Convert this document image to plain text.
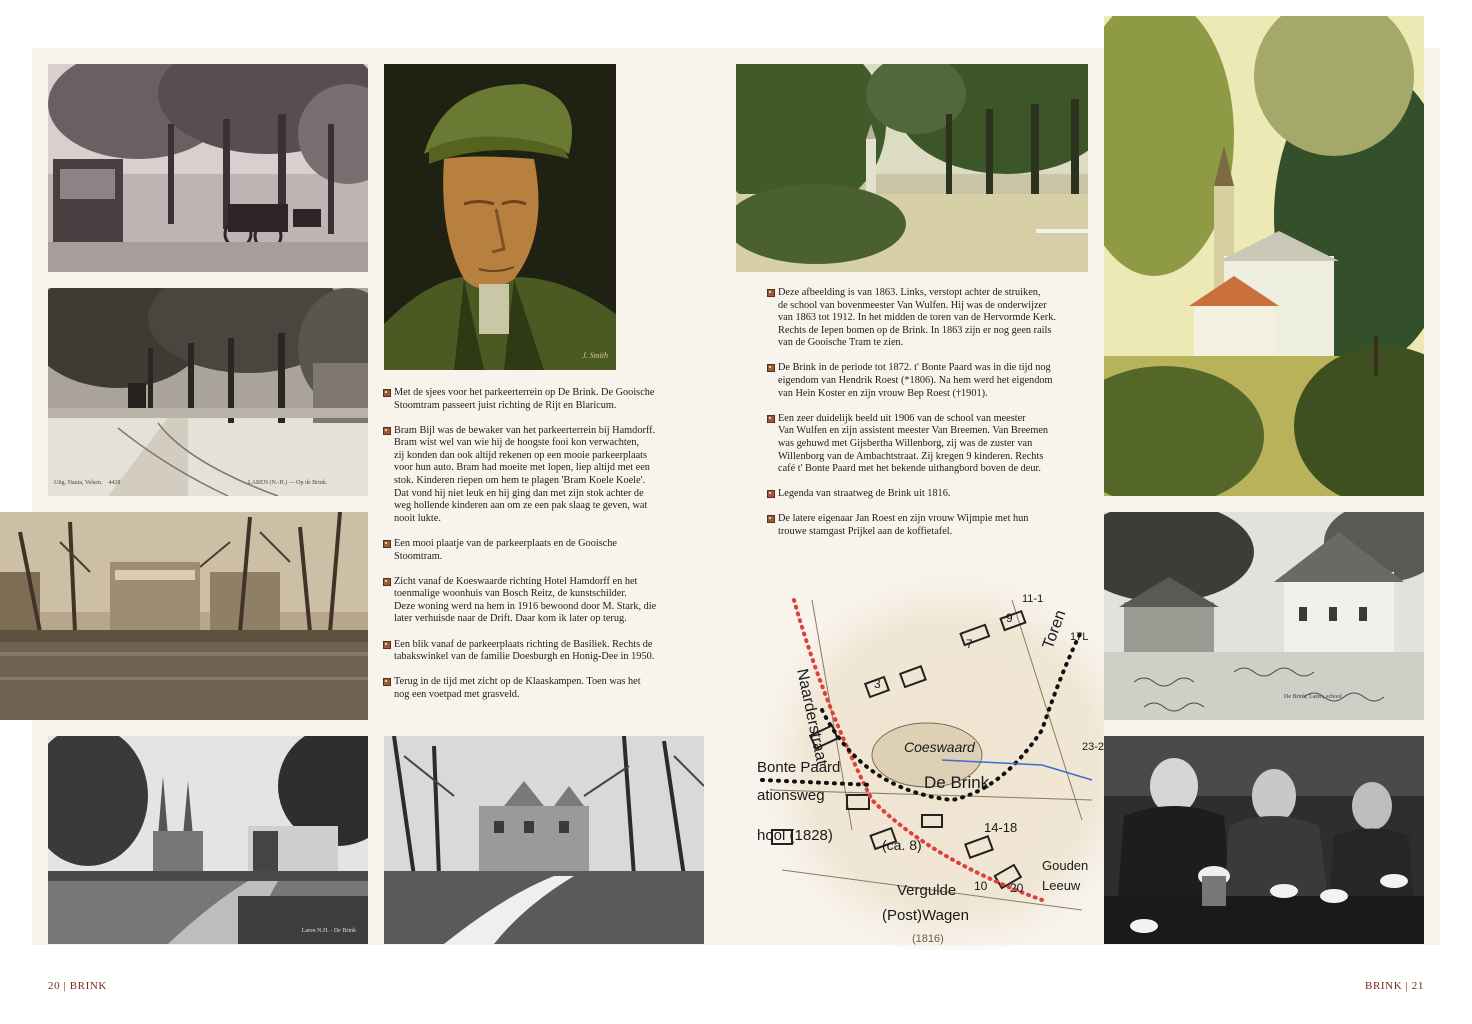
Uitg. Nauta, Velsen. 4428	LAREN (N.-H.) — Op de Brink.
Laren N.H. - De Brink
J. Smith
Met de sjees voor het parkeerterrein op De Brink. De Gooische
Stoomtram passeert juist richting de Rijt en Blaricum.
Bram Bijl was de bewaker van het parkeerterrein bij Hamdorff.
Bram wist wel van wie hij de hoogste fooi kon verwachten,
zij konden dan ook altijd rekenen op een mooie parkeerplaats
voor hun auto. Bram had moeite met lopen, liep altijd met een
stok. Kinderen riepen om hem te plagen 'Bram Koele Koele'.
Dat vond hij niet leuk en hij ging dan met zijn stok achter de
weg hollende kinderen aan om ze een pak slaag te geven, wat
nooit lukte.
Een mooi plaatje van de parkeerplaats en de Gooische
Stoomtram.
Zicht vanaf de Koeswaarde richting Hotel Hamdorff en het
toenmalige woonhuis van Bosch Reitz, de kunstschilder.
Deze woning werd na hem in 1916 bewoond door M. Stark, die
later verhuisde naar de Drift. Daar kom ik later op terug.
Een blik vanaf de parkeerplaats richting de Basiliek. Rechts de
tabakswinkel van de familie Doesburgh en Honig-Dee in 1950.
Terug in de tijd met zicht op de Klaaskampen. Toen was het
nog een voetpad met grasveld.	De Brink, Laren, school
Naarderstraat
Toren
Coeswaard
De Brink
Bonte Paard
ationsweg
hool (1828)
(ca. 8)
14-18
Vergulde
(Post)Wagen
Gouden
Leeuw
(1816)
3
7
9
10 20
11-1
17L
23-2
Deze afbeelding is van 1863. Links, verstopt achter de struiken,
de school van bovenmeester Van Wulfen. Hij was de onderwijzer
van 1863 tot 1912. In het midden de toren van de Hervormde Kerk.
Rechts de Iepen bomen op de Brink. In 1863 zijn er nog geen rails
van de Gooische Tram te zien.
De Brink in de periode tot 1872. t' Bonte Paard was in die tijd nog
eigendom van Hendrik Roest (*1806). Na hem werd het eigendom
van Hein Koster en zijn vrouw Bep Roest (†1901).
Een zeer duidelijk beeld uit 1906 van de school van meester
Van Wulfen en zijn assistent meester Van Breemen. Van Breemen
was gehuwd met Gijsbertha Willenborg, zij was de zuster van
Willenborg van de Ambachtstraat. Zij kregen 9 kinderen. Rechts
café t' Bonte Paard met het bekende uithangbord boven de deur.
Legenda van straatweg de Brink uit 1816.
De latere eigenaar Jan Roest en zijn vrouw Wijmpie met hun
trouwe stamgast Prijkel aan de koffietafel.
20 | BRINK	BRINK | 21
